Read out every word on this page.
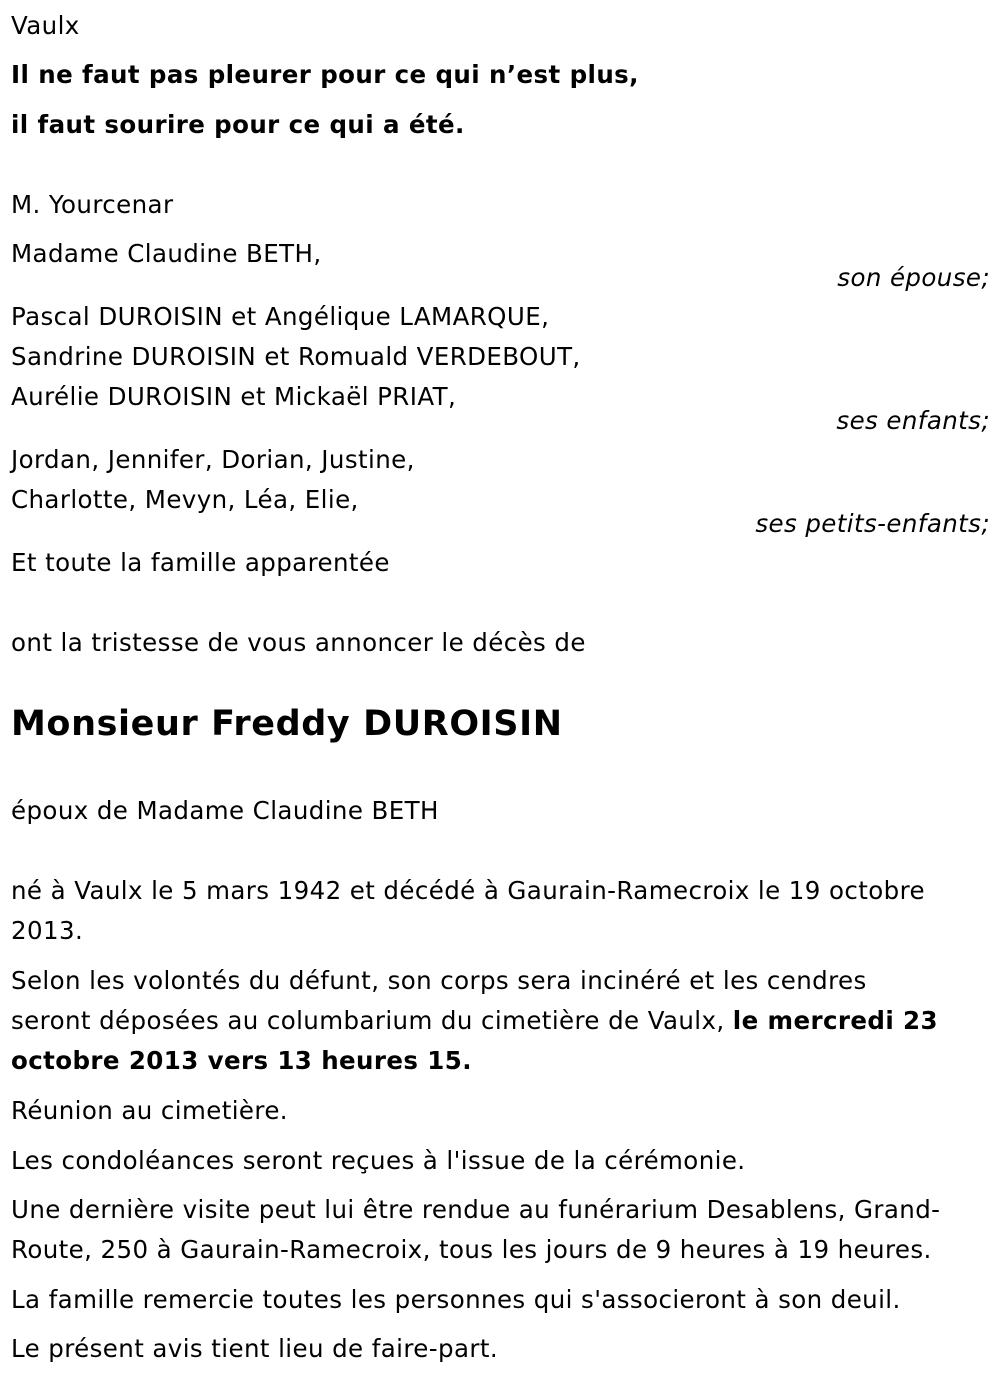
Vaulx
Il ne faut pas pleurer pour ce qui n’est plus,
il faut sourire pour ce qui a été.
M. Yourcenar
Madame Claudine BETH,
son épouse;
Pascal DUROISIN et Angélique LAMARQUE,
Sandrine DUROISIN et Romuald VERDEBOUT,
Aurélie DUROISIN et Mickaël PRIAT,
ses enfants;
Jordan, Jennifer, Dorian, Justine,
Charlotte, Mevyn, Léa, Elie,
ses petits-enfants;
Et toute la famille apparentée
ont la tristesse de vous annoncer le décès de
Monsieur Freddy DUROISIN
époux de Madame Claudine BETH
né à Vaulx le 5 mars 1942 et décédé à Gaurain-Ramecroix le 19 octobre
2013.
Selon les volontés du défunt, son corps sera incinéré et les cendres
seront déposées au columbarium du cimetière de Vaulx, le mercredi 23
octobre 2013 vers 13 heures 15.
Réunion au cimetière.
Les condoléances seront reçues à l'issue de la cérémonie.
Une dernière visite peut lui être rendue au funérarium Desablens, Grand-
Route, 250 à Gaurain-Ramecroix, tous les jours de 9 heures à 19 heures.
La famille remercie toutes les personnes qui s'associeront à son deuil.
Le présent avis tient lieu de faire-part.
